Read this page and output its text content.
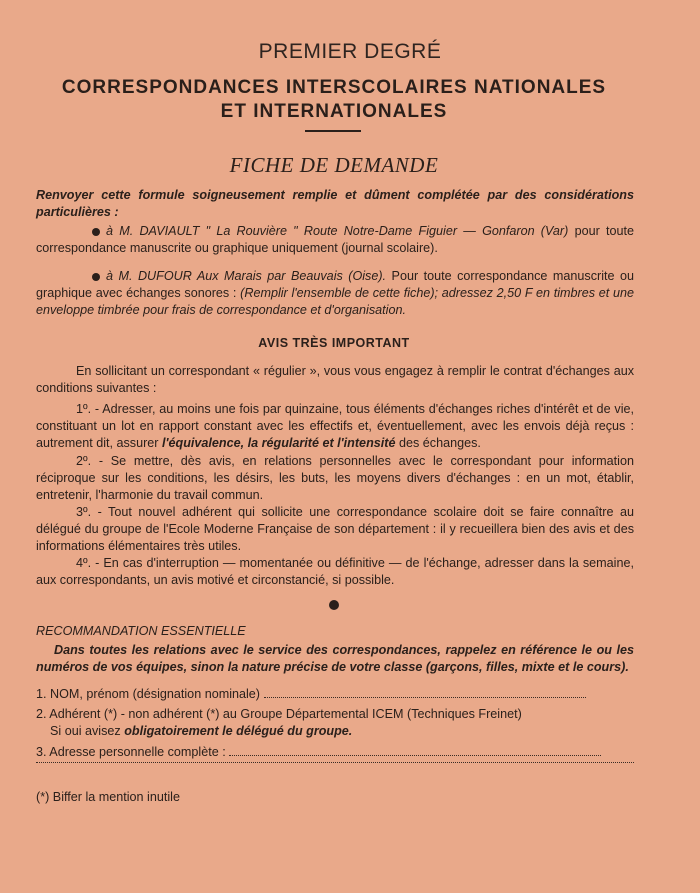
PREMIER DEGRÉ
CORRESPONDANCES INTERSCOLAIRES NATIONALES
ET INTERNATIONALES
FICHE DE DEMANDE
Renvoyer cette formule soigneusement remplie et dûment complétée par des considérations particulières :
à M. DAVIAULT " La Rouvière " Route Notre-Dame Figuier — Gonfaron (Var) pour toute correspondance manuscrite ou graphique uniquement (journal scolaire).
à M. DUFOUR Aux Marais par Beauvais (Oise). Pour toute correspondance manuscrite ou graphique avec échanges sonores : (Remplir l'ensemble de cette fiche); adressez 2,50 F en timbres et une enveloppe timbrée pour frais de correspondance et d'organisation.
AVIS TRÈS IMPORTANT
En sollicitant un correspondant « régulier », vous vous engagez à remplir le contrat d'échanges aux conditions suivantes :
1º. - Adresser, au moins une fois par quinzaine, tous éléments d'échanges riches d'intérêt et de vie, constituant un lot en rapport constant avec les effectifs et, éventuellement, avec les envois déjà reçus : autrement dit, assurer l'équivalence, la régularité et l'intensité des échanges.
2º. - Se mettre, dès avis, en relations personnelles avec le correspondant pour information réciproque sur les conditions, les désirs, les buts, les moyens divers d'échanges : en un mot, établir, entretenir, l'harmonie du travail commun.
3º. - Tout nouvel adhérent qui sollicite une correspondance scolaire doit se faire connaître au délégué du groupe de l'Ecole Moderne Française de son département : il y recueillera bien des avis et des informations élémentaires très utiles.
4º. - En cas d'interruption — momentanée ou définitive — de l'échange, adresser dans la semaine, aux correspondants, un avis motivé et circonstancié, si possible.
RECOMMANDATION ESSENTIELLE
Dans toutes les relations avec le service des correspondances, rappelez en référence le ou les numéros de vos équipes, sinon la nature précise de votre classe (garçons, filles, mixte et le cours).
1. NOM, prénom (désignation nominale)
2. Adhérent (*) - non adhérent (*) au Groupe Départemental ICEM (Techniques Freinet)
Si oui avisez obligatoirement le délégué du groupe.
3. Adresse personnelle complète :
(*) Biffer la mention inutile
